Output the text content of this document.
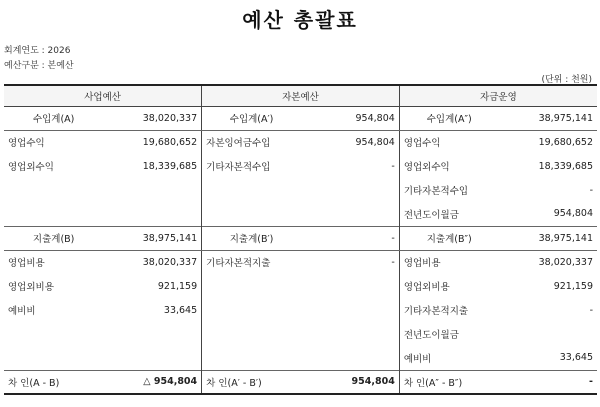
예산 총괄표
회계연도 : 2026
예산구분 : 본예산
(단위 : 천원)
사업예산		자본예산		자금운영	
수입계(A)	38,020,337	수입계(A′)	954,804	수입계(A″)	38,975,141
영업수익	19,680,652	자본잉여금수입	954,804	영업수익	19,680,652
영업외수익	18,339,685	기타자본적수입	-	영업외수익	18,339,685
				기타자본적수입	-
				전년도이월금	954,804
지출계(B)	38,975,141	지출계(B′)	-	지출계(B″)	38,975,141
영업비용	38,020,337	기타자본적지출	-	영업비용	38,020,337
영업외비용	921,159			영업외비용	921,159
예비비	33,645			기타자본적지출	-
				전년도이월금	
				예비비	33,645
차 인(A - B)	△ 954,804	차 인(A′ - B′)	954,804	차 인(A″ - B″)	-
